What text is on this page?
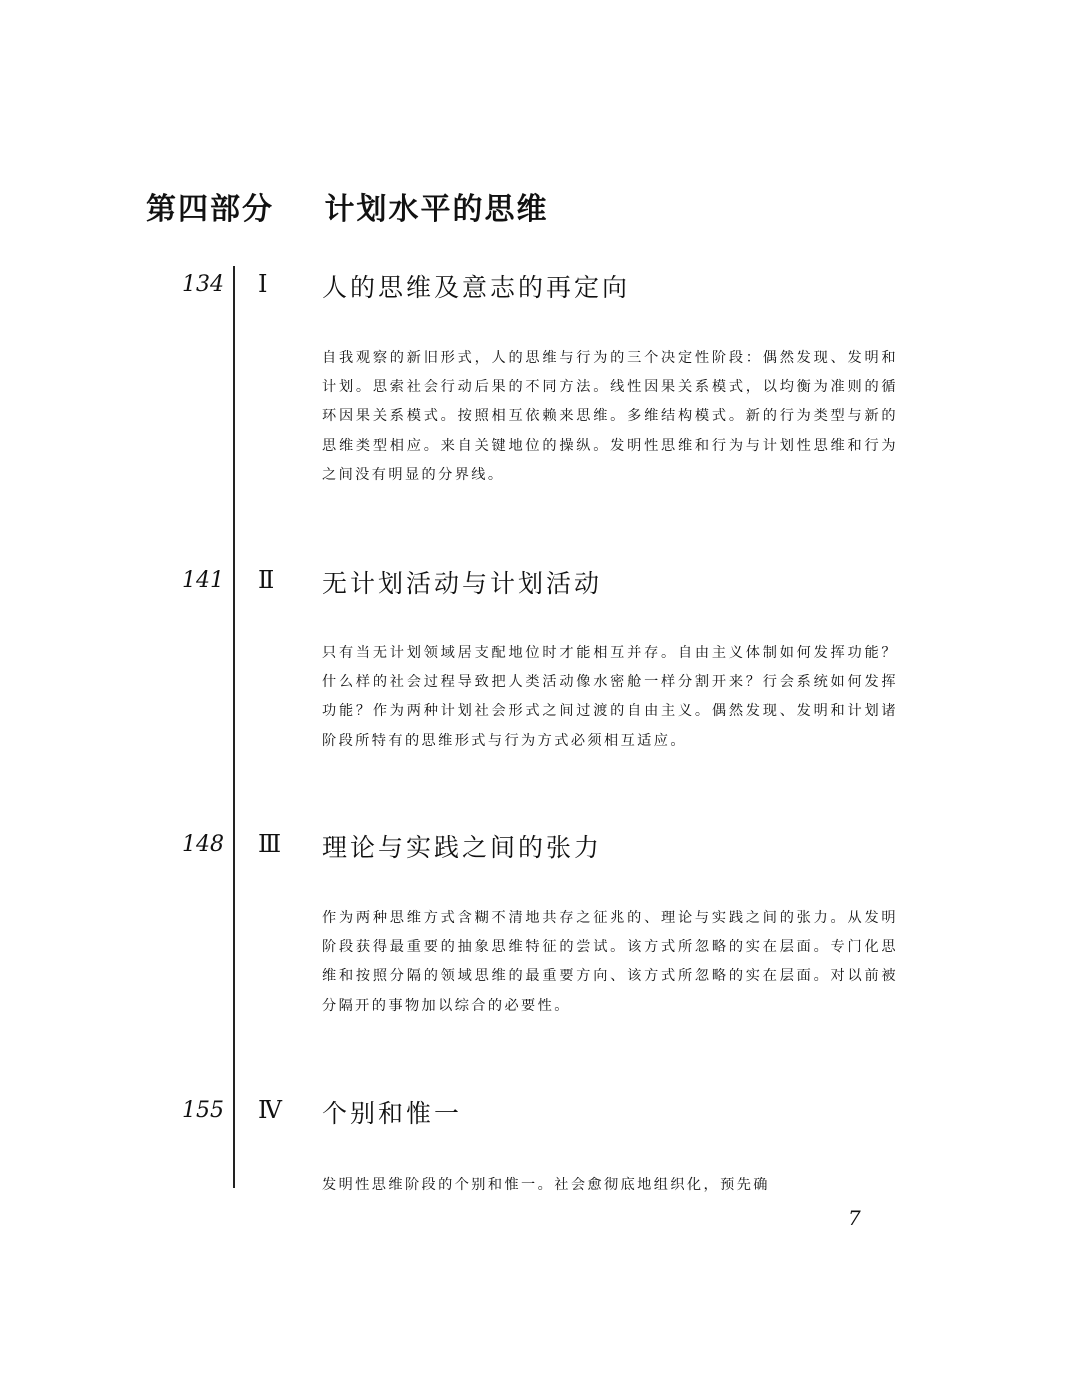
第四部分 计划水平的思维
134 Ⅰ 人的思维及意志的再定向
自我观察的新旧形式，人的思维与行为的三个决定性阶段：偶然发现、发明和计划。思索社会行动后果的不同方法。线性因果关系模式，以均衡为准则的循环因果关系模式。按照相互依赖来思维。多维结构模式。新的行为类型与新的思维类型相应。来自关键地位的操纵。发明性思维和行为与计划性思维和行为之间没有明显的分界线。
141 Ⅱ 无计划活动与计划活动
只有当无计划领域居支配地位时才能相互并存。自由主义体制如何发挥功能？什么样的社会过程导致把人类活动像水密舱一样分割开来？行会系统如何发挥功能？作为两种计划社会形式之间过渡的自由主义。偶然发现、发明和计划诸阶段所特有的思维形式与行为方式必须相互适应。
148 Ⅲ 理论与实践之间的张力
作为两种思维方式含糊不清地共存之征兆的、理论与实践之间的张力。从发明阶段获得最重要的抽象思维特征的尝试。该方式所忽略的实在层面。专门化思维和按照分隔的领域思维的最重要方向、该方式所忽略的实在层面。对以前被分隔开的事物加以综合的必要性。
155 Ⅳ 个别和惟一
发明性思维阶段的个别和惟一。社会愈彻底地组织化，预先确
7
